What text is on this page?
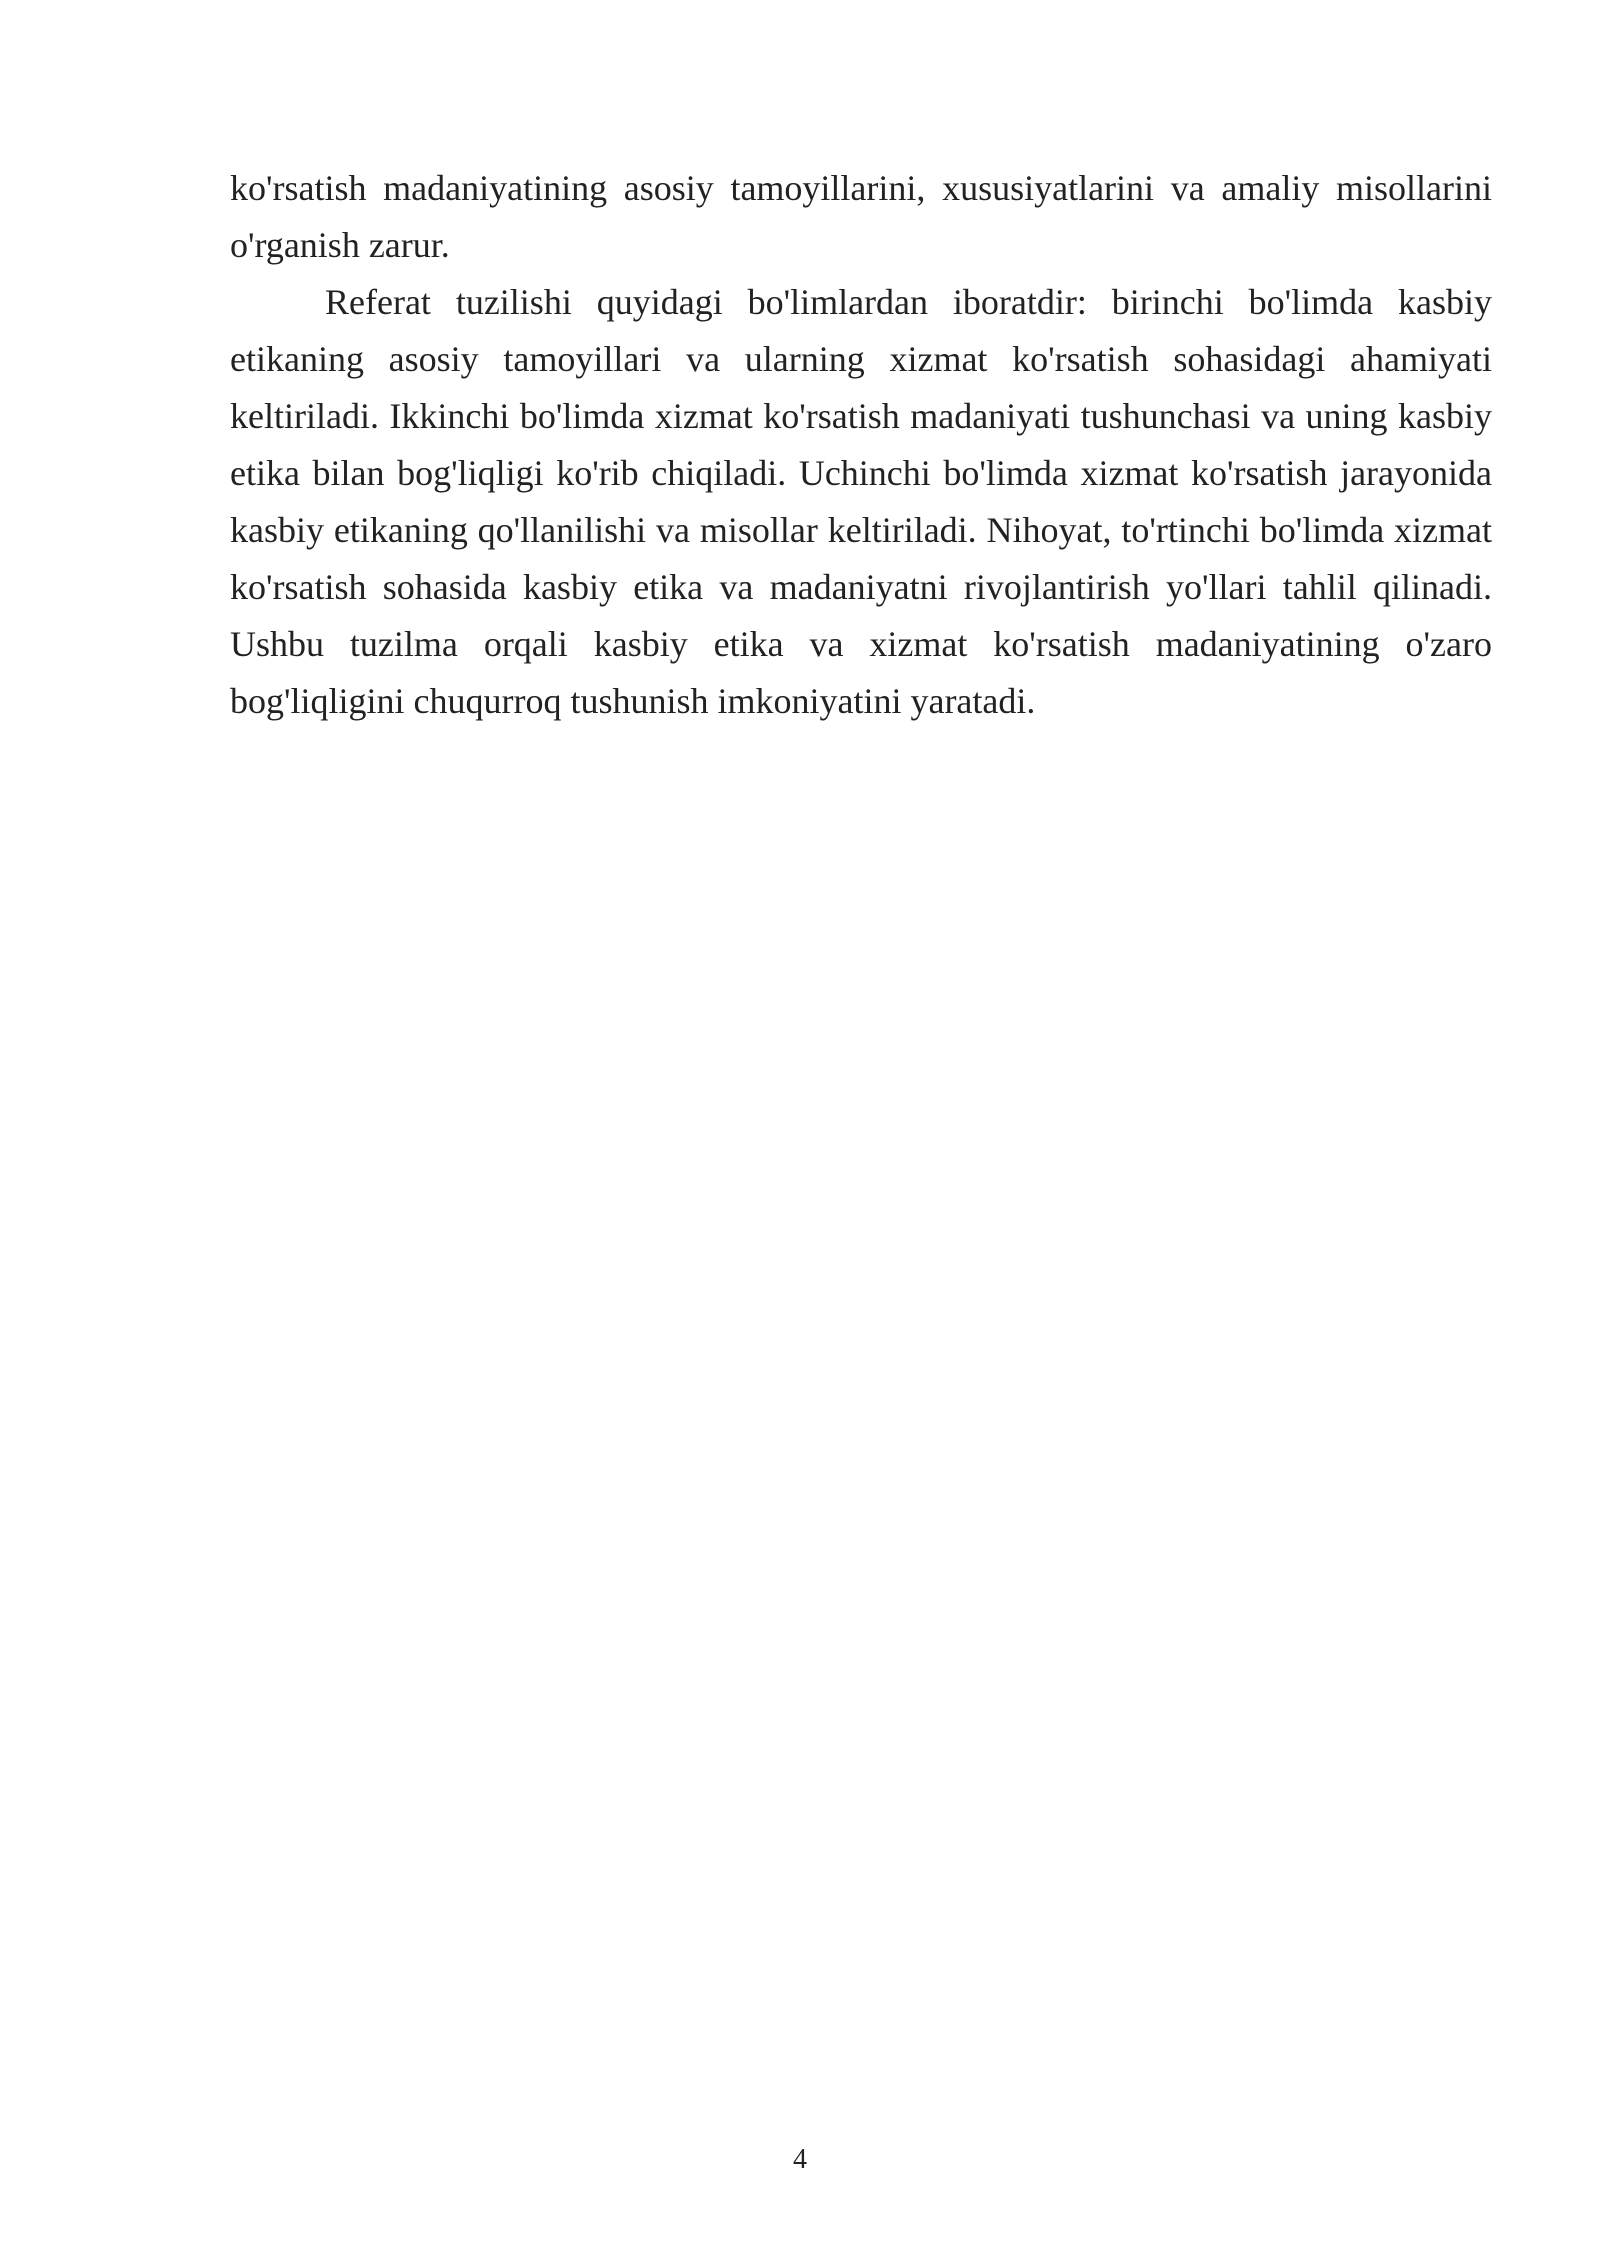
ko'rsatish madaniyatining asosiy tamoyillarini, xususiyatlarini va amaliy misollarini o'rganish zarur.

Referat tuzilishi quyidagi bo'limlardan iboratdir: birinchi bo'limda kasbiy etikaning asosiy tamoyillari va ularning xizmat ko'rsatish sohasidagi ahamiyati keltiriladi. Ikkinchi bo'limda xizmat ko'rsatish madaniyati tushunchasi va uning kasbiy etika bilan bog'liqligi ko'rib chiqiladi. Uchinchi bo'limda xizmat ko'rsatish jarayonida kasbiy etikaning qo'llanilishi va misollar keltiriladi. Nihoyat, to'rtinchi bo'limda xizmat ko'rsatish sohasida kasbiy etika va madaniyatni rivojlantirish yo'llari tahlil qilinadi. Ushbu tuzilma orqali kasbiy etika va xizmat ko'rsatish madaniyatining o'zaro bog'liqligini chuqurroq tushunish imkoniyatini yaratadi.

4
